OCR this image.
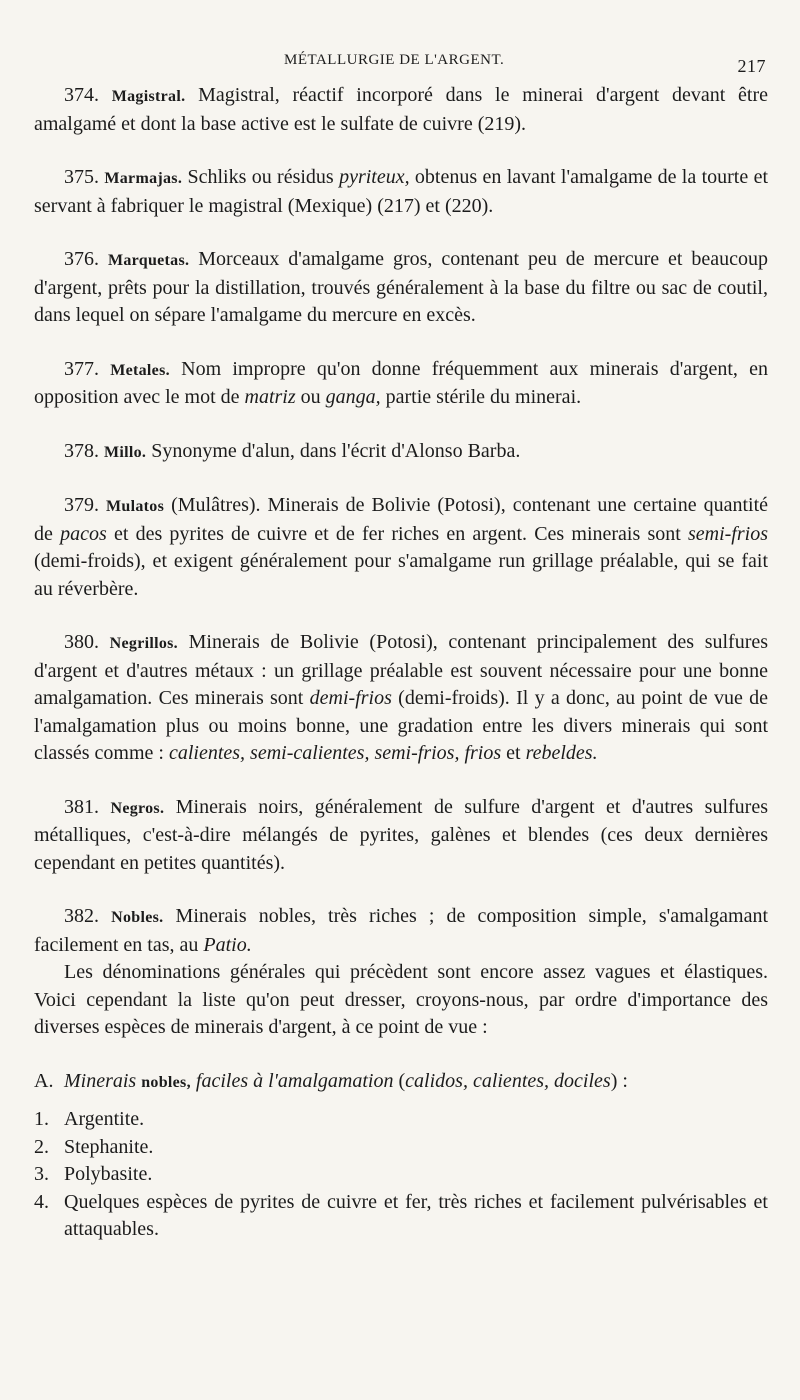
MÉTALLURGIE DE L'ARGENT.	217

374. Magistral. Magistral, réactif incorporé dans le minerai d'argent devant être amalgamé et dont la base active est le sulfate de cuivre (219).

375. Marmajas. Schliks ou résidus pyriteux, obtenus en lavant l'amalgame de la tourte et servant à fabriquer le magistral (Mexique) (217) et (220).

376. Marquetas. Morceaux d'amalgame gros, contenant peu de mercure et beaucoup d'argent, prêts pour la distillation, trouvés généralement à la base du filtre ou sac de coutil, dans lequel on sépare l'amalgame du mercure en excès.

377. Metales. Nom impropre qu'on donne fréquemment aux minerais d'argent, en opposition avec le mot de matriz ou ganga, partie stérile du minerai.

378. Millo. Synonyme d'alun, dans l'écrit d'Alonso Barba.

379. Mulatos (Mulâtres). Minerais de Bolivie (Potosi), contenant une certaine quantité de pacos et des pyrites de cuivre et de fer riches en argent. Ces minerais sont semi-frios (demi-froids), et exigent généralement pour s'amalgame run grillage préalable, qui se fait au réverbère.

380. Negrillos. Minerais de Bolivie (Potosi), contenant principalement des sulfures d'argent et d'autres métaux : un grillage préalable est souvent nécessaire pour une bonne amalgamation. Ces minerais sont demi-frios (demi-froids). Il y a donc, au point de vue de l'amalgamation plus ou moins bonne, une gradation entre les divers minerais qui sont classés comme : calientes, semi-calientes, semi-frios, frios et rebeldes.

381. Negros. Minerais noirs, généralement de sulfure d'argent et d'autres sulfures métalliques, c'est-à-dire mélangés de pyrites, galènes et blendes (ces deux dernières cependant en petites quantités).

382. Nobles. Minerais nobles, très riches ; de composition simple, s'amalgamant facilement en tas, au Patio.

Les dénominations générales qui précèdent sont encore assez vagues et élastiques. Voici cependant la liste qu'on peut dresser, croyons-nous, par ordre d'importance des diverses espèces de minerais d'argent, à ce point de vue :

A. Minerais nobles, faciles à l'amalgamation (calidos, calientes, dociles) :

1. Argentite.
2. Stephanite.
3. Polybasite.
4. Quelques espèces de pyrites de cuivre et fer, très riches et facilement pulvérisables et attaquables.
